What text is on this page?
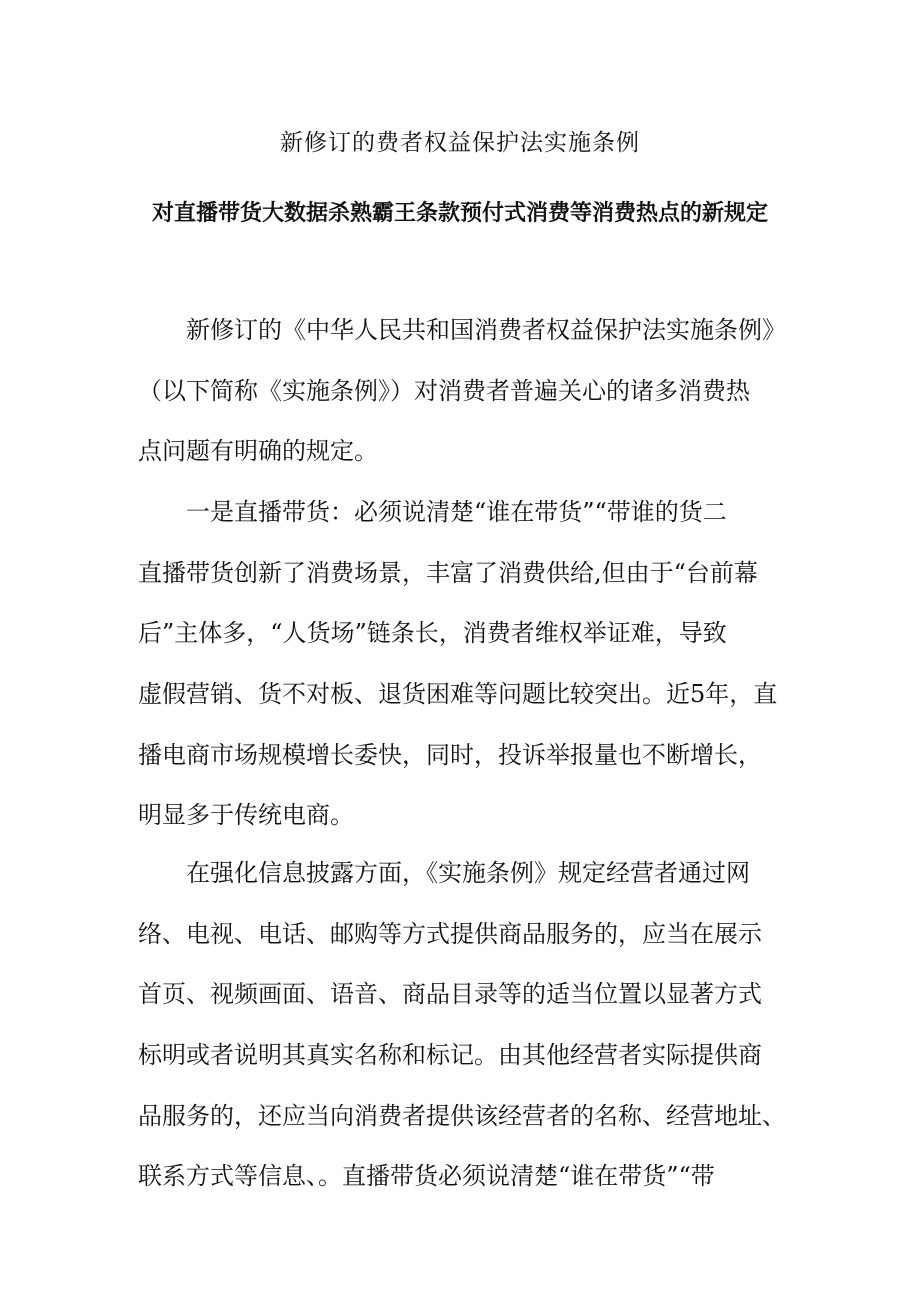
新修订的费者权益保护法实施条例
对直播带货大数据杀熟霸王条款预付式消费等消费热点的新规定
新修订的《中华人民共和国消费者权益保护法实施条例》
（以下简称《实施条例》）对消费者普遍关心的诸多消费热
点问题有明确的规定。
一是直播带货：必须说清楚“谁在带货”“带谁的货二
直播带货创新了消费场景，丰富了消费供给,但由于“台前幕
后”主体多，“人货场”链条长，消费者维权举证难，导致
虚假营销、货不对板、退货困难等问题比较突出。近5年，直
播电商市场规模增长委快，同时，投诉举报量也不断增长，
明显多于传统电商。
在强化信息披露方面，《实施条例》规定经营者通过网
络、电视、电话、邮购等方式提供商品服务的，应当在展示
首页、视频画面、语音、商品目录等的适当位置以显著方式
标明或者说明其真实名称和标记。由其他经营者实际提供商
品服务的，还应当向消费者提供该经营者的名称、经营地址、
联系方式等信息、。直播带货必须说清楚“谁在带货”“带
